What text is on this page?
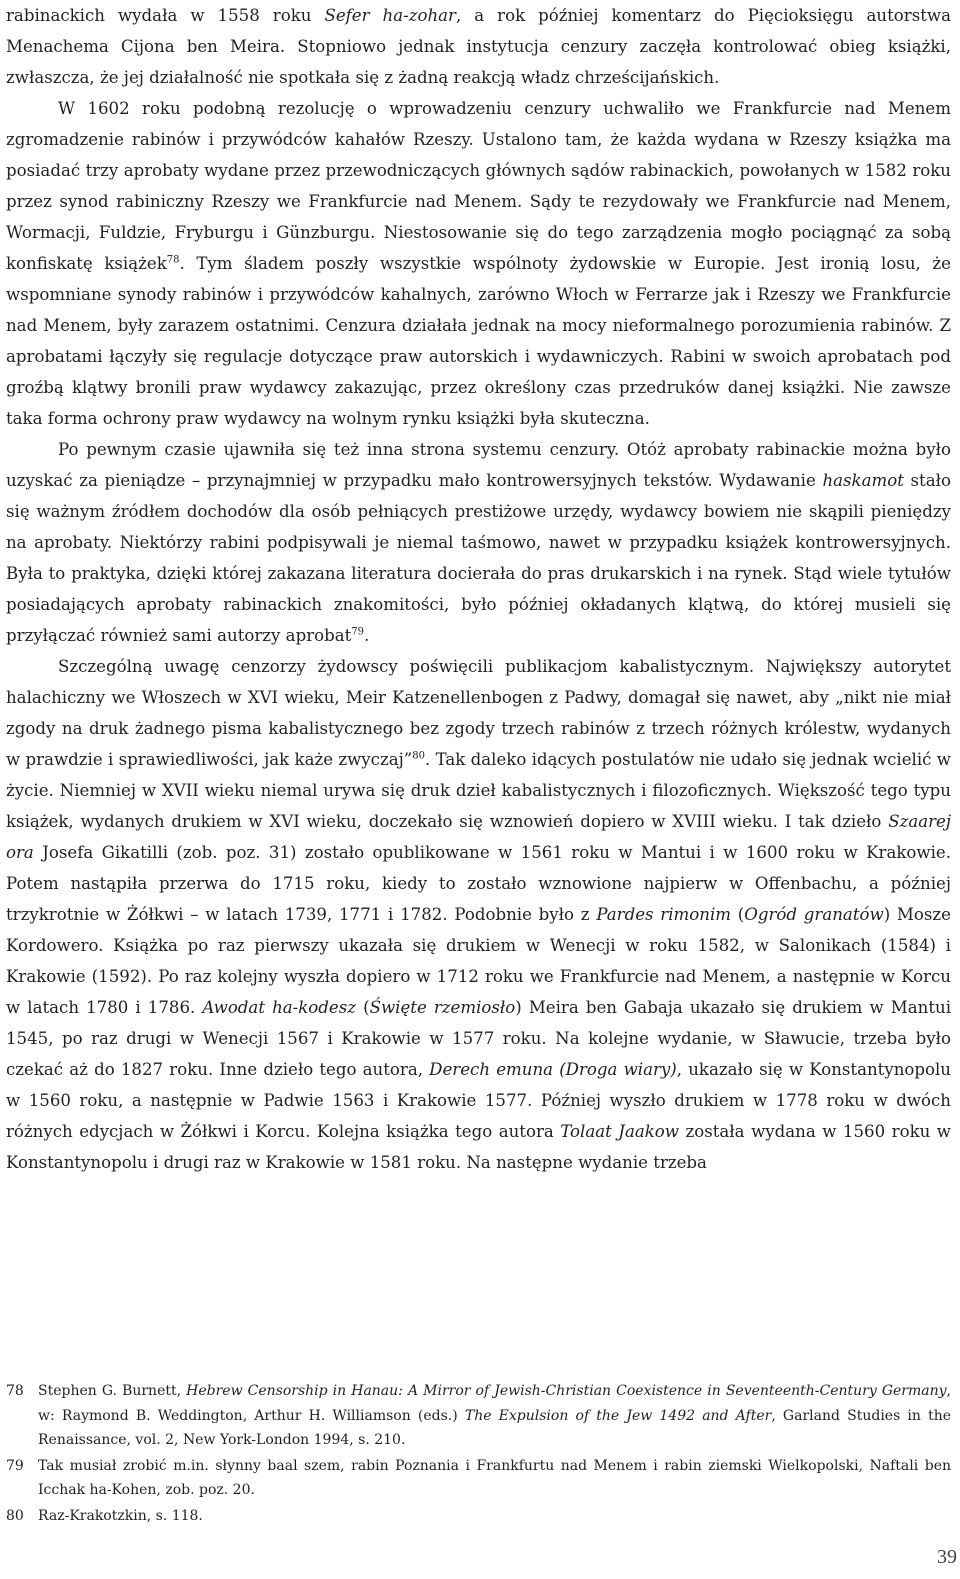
rabinackich wydała w 1558 roku Sefer ha-zohar, a rok później komentarz do Pięcioksięgu autorstwa Menachema Cijona ben Meira. Stopniowo jednak instytucja cenzury zaczęła kontrolować obieg książki, zwłaszcza, że jej działalność nie spotkała się z żadną reakcją władz chrześcijańskich.

W 1602 roku podobną rezolucję o wprowadzeniu cenzury uchwaliło we Frankfurcie nad Menem zgromadzenie rabinów i przywódców kahałów Rzeszy. Ustalono tam, że każda wydana w Rzeszy książka ma posiadać trzy aprobaty wydane przez przewodniczących głównych sądów rabinackich, powołanych w 1582 roku przez synod rabiniczny Rzeszy we Frankfurcie nad Menem. Sądy te rezydowały we Frankfurcie nad Menem, Wormacji, Fuldzie, Fryburgu i Günzburgu. Niestosowanie się do tego zarządzenia mogło pociągnąć za sobą konfiskatę książek$^{78}$. Tym śladem poszły wszystkie wspólnoty żydowskie w Europie. Jest ironią losu, że wspomniane synody rabinów i przywódców kahalnych, zarówno Włoch w Ferrarze jak i Rzeszy we Frankfurcie nad Menem, były zarazem ostatnimi. Cenzura działała jednak na mocy nieformalnego porozumienia rabinów. Z aprobatami łączyły się regulacje dotyczące praw autorskich i wydawniczych. Rabini w swoich aprobatach pod groźbą klątwy bronili praw wydawcy zakazując, przez określony czas przedruków danej książki. Nie zawsze taka forma ochrony praw wydawcy na wolnym rynku książki była skuteczna.

Po pewnym czasie ujawniła się też inna strona systemu cenzury. Otóż aprobaty rabinackie można było uzyskać za pieniądze – przynajmniej w przypadku mało kontrowersyjnych tekstów. Wydawanie haskamot stało się ważnym źródłem dochodów dla osób pełniących prestiżowe urzędy, wydawcy bowiem nie skąpili pieniędzy na aprobaty. Niektórzy rabini podpisywali je niemal taśmowo, nawet w przypadku książek kontrowersyjnych. Była to praktyka, dzięki której zakazana literatura docierała do pras drukarskich i na rynek. Stąd wiele tytułów posiadających aprobaty rabinackich znakomitości, było później okładanych klątwą, do której musieli się przyłączać również sami autorzy aprobat$^{79}$.

Szczególną uwagę cenzorzy żydowscy poświęcili publikacjom kabalistycznym. Największy autorytet halachiczny we Włoszech w XVI wieku, Meir Katzenellenbogen z Padwy, domagał się nawet, aby „nikt nie miał zgody na druk żadnego pisma kabalistycznego bez zgody trzech rabinów z trzech różnych królestw, wydanych w prawdzie i sprawiedliwości, jak każe zwyczaj”$^{80}$. Tak daleko idących postulatów nie udało się jednak wcielić w życie. Niemniej w XVII wieku niemal urywa się druk dzieł kabalistycznych i filozoficznych. Większość tego typu książek, wydanych drukiem w XVI wieku, doczekało się wznowień dopiero w XVIII wieku. I tak dzieło Szaarej ora Josefa Gikatilli (zob. poz. 31) zostało opublikowane w 1561 roku w Mantui i w 1600 roku w Krakowie. Potem nastąpiła przerwa do 1715 roku, kiedy to zostało wznowione najpierw w Offenbachu, a później trzykrotnie w Żółkwi – w latach 1739, 1771 i 1782. Podobnie było z Pardes rimonim (Ogród granatów) Mosze Kordowero. Książka po raz pierwszy ukazała się drukiem w Wenecji w roku 1582, w Salonikach (1584) i Krakowie (1592). Po raz kolejny wyszła dopiero w 1712 roku we Frankfurcie nad Menem, a następnie w Korcu w latach 1780 i 1786. Awodat ha-kodesz (Święte rzemiosło) Meira ben Gabaja ukazało się drukiem w Mantui 1545, po raz drugi w Wenecji 1567 i Krakowie w 1577 roku. Na kolejne wydanie, w Sławucie, trzeba było czekać aż do 1827 roku. Inne dzieło tego autora, Derech emuna (Droga wiary), ukazało się w Konstantynopolu w 1560 roku, a następnie w Padwie 1563 i Krakowie 1577. Później wyszło drukiem w 1778 roku w dwóch różnych edycjach w Żółkwi i Korcu. Kolejna książka tego autora Tolaat Jaakow została wydana w 1560 roku w Konstantynopolu i drugi raz w Krakowie w 1581 roku. Na następne wydanie trzeba

78	Stephen G. Burnett, Hebrew Censorship in Hanau: A Mirror of Jewish-Christian Coexistence in Seventeenth-Century Germany, w: Raymond B. Weddington, Arthur H. Williamson (eds.) The Expulsion of the Jew 1492 and After, Garland Studies in the Renaissance, vol. 2, New York-London 1994, s. 210.
79	Tak musiał zrobić m.in. słynny baal szem, rabin Poznania i Frankfurtu nad Menem i rabin ziemski Wielkopolski, Naftali ben Icchak ha-Kohen, zob. poz. 20.
80	Raz-Krakotzkin, s. 118.
39
